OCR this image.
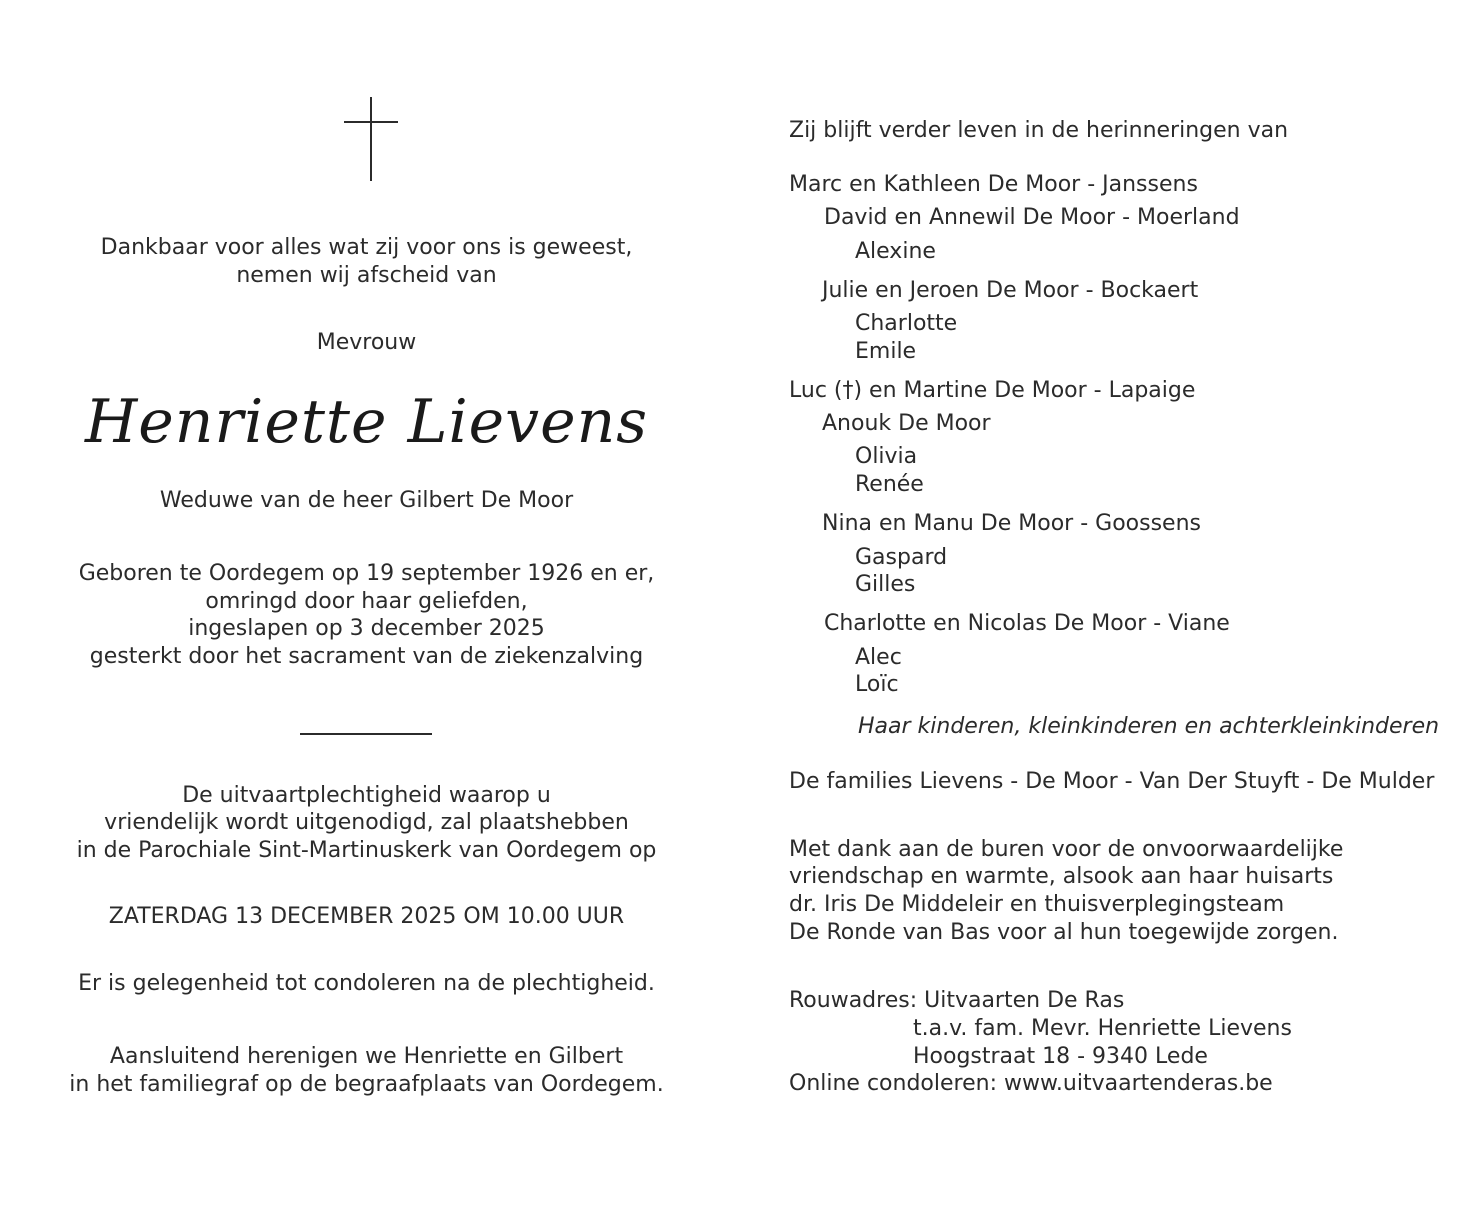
Dankbaar voor alles wat zij voor ons is geweest,
nemen wij afscheid van
Mevrouw
Henriette Lievens
Weduwe van de heer Gilbert De Moor
Geboren te Oordegem op 19 september 1926 en er,
omringd door haar geliefden,
ingeslapen op 3 december 2025
gesterkt door het sacrament van de ziekenzalving
De uitvaartplechtigheid waarop u
vriendelijk wordt uitgenodigd, zal plaatshebben
in de Parochiale Sint-Martinuskerk van Oordegem op
ZATERDAG 13 DECEMBER 2025 OM 10.00 UUR
Er is gelegenheid tot condoleren na de plechtigheid.
Aansluitend herenigen we Henriette en Gilbert
in het familiegraf op de begraafplaats van Oordegem.
Zij blijft verder leven in de herinneringen van
Marc en Kathleen De Moor - Janssens
David en Annewil De Moor - Moerland
Alexine
Julie en Jeroen De Moor - Bockaert
Charlotte
Emile
Luc (†) en Martine De Moor - Lapaige
Anouk De Moor
Olivia
Renée
Nina en Manu De Moor - Goossens
Gaspard
Gilles
Charlotte en Nicolas De Moor - Viane
Alec
Loïc
Haar kinderen, kleinkinderen en achterkleinkinderen
De families Lievens - De Moor - Van Der Stuyft - De Mulder
Met dank aan de buren voor de onvoorwaardelijke
vriendschap en warmte, alsook aan haar huisarts
dr. Iris De Middeleir en thuisverplegingsteam
De Ronde van Bas voor al hun toegewijde zorgen.
Rouwadres: Uitvaarten De Ras
t.a.v. fam. Mevr. Henriette Lievens
Hoogstraat 18 - 9340 Lede
Online condoleren: www.uitvaartenderas.be
